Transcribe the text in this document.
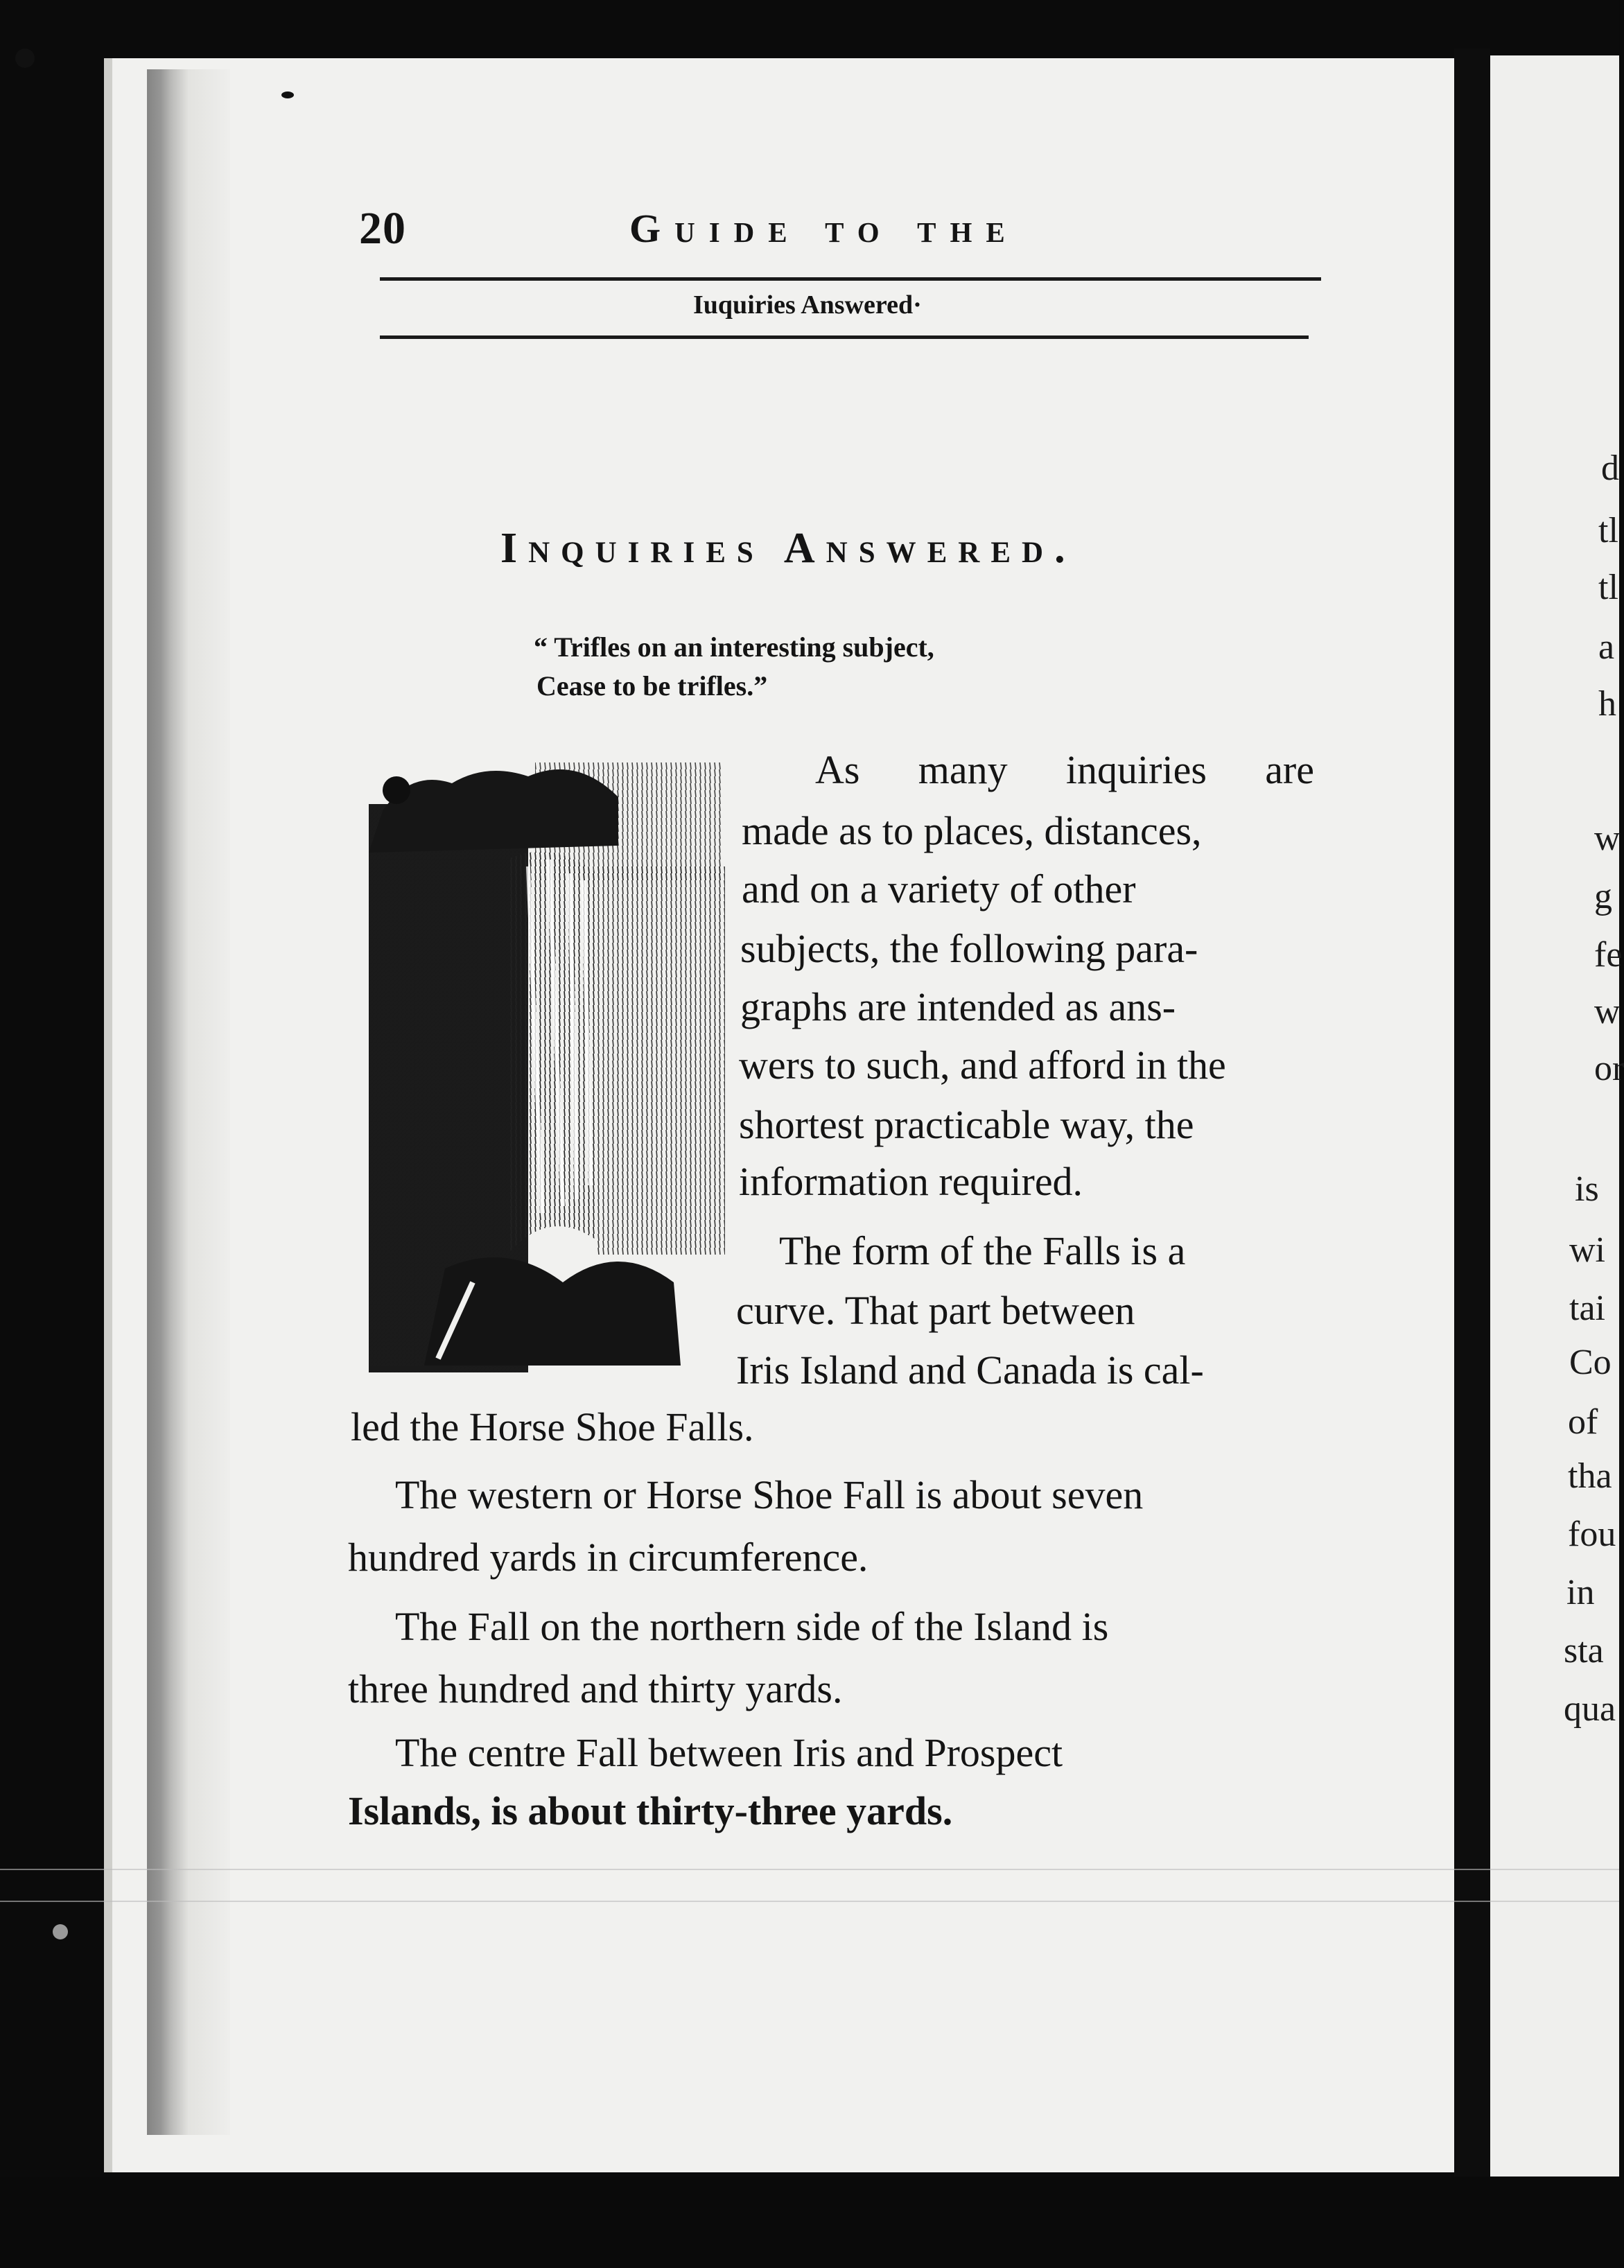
20	Guide to the
Iuquiries Answered·
Inquiries Answered.
“ Trifles on an interesting subject,
Cease to be trifles.”
As many inquiries are
made as to places, distances,
and on a variety of other
subjects, the following para-
graphs are intended as ans-
wers to such, and afford in the
shortest practicable way, the
information required.
The form of the Falls is a
curve. That part between
Iris Island and Canada is cal-
led the Horse Shoe Falls.
The western or Horse Shoe Fall is about seven
hundred yards in circumference.
The Fall on the northern side of the Island is
three hundred and thirty yards.
The centre Fall between Iris and Prospect
Islands, is about thirty-three yards.
d
tl
tl
a
h
w
g
fe
w
or
is
wi
tai
Co
of
tha
fou
in
sta
qua
